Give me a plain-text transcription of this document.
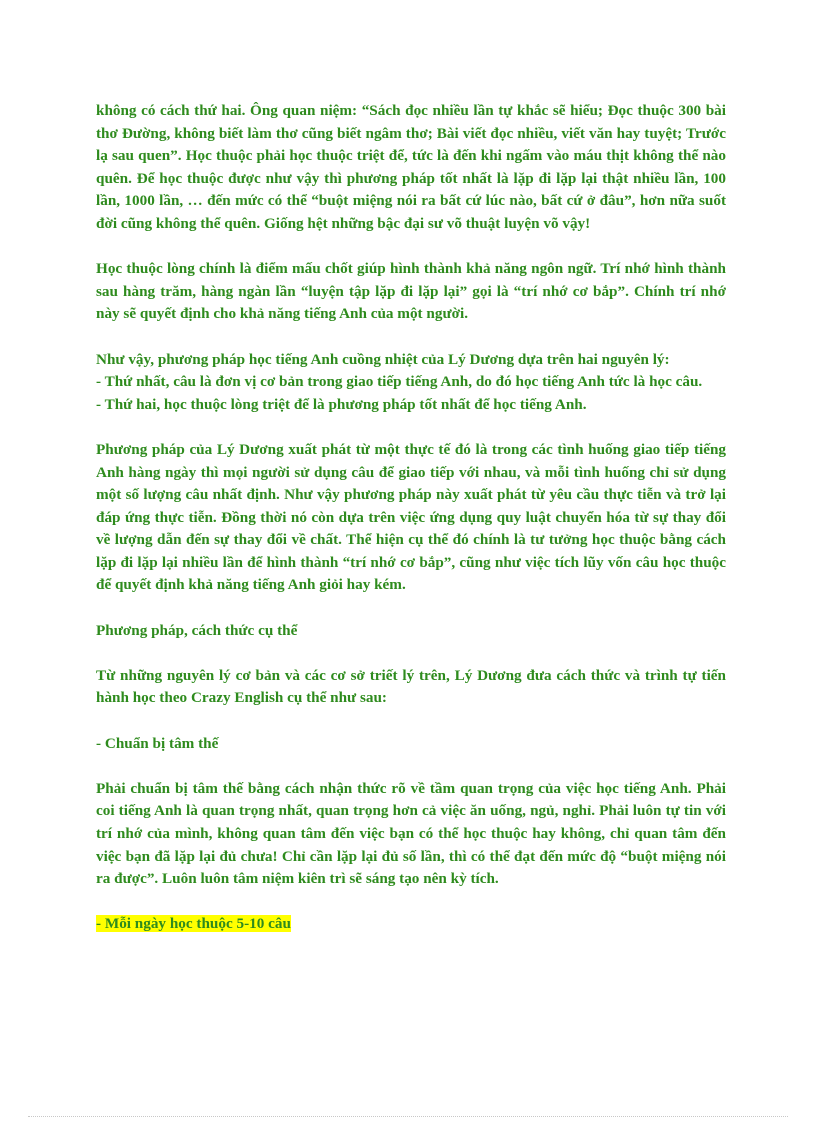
không có cách thứ hai. Ông quan niệm: “Sách đọc nhiều lần tự khắc sẽ hiểu; Đọc thuộc 300 bài thơ Đường, không biết làm thơ cũng biết ngâm thơ; Bài viết đọc nhiều, viết văn hay tuyệt; Trước lạ sau quen”. Học thuộc phải học thuộc triệt để, tức là đến khi ngấm vào máu thịt không thể nào quên. Để học thuộc được như vậy thì phương pháp tốt nhất là lặp đi lặp lại thật nhiều lần, 100 lần, 1000 lần, … đến mức có thể “buột miệng nói ra bất cứ lúc nào, bất cứ ở đâu”, hơn nữa suốt đời cũng không thể quên. Giống hệt những bậc đại sư võ thuật luyện võ vậy!

Học thuộc lòng chính là điểm mấu chốt giúp hình thành khả năng ngôn ngữ. Trí nhớ hình thành sau hàng trăm, hàng ngàn lần “luyện tập lặp đi lặp lại” gọi là “trí nhớ cơ bắp”. Chính trí nhớ này sẽ quyết định cho khả năng tiếng Anh của một người.

Như vậy, phương pháp học tiếng Anh cuồng nhiệt của Lý Dương dựa trên hai nguyên lý:
- Thứ nhất, câu là đơn vị cơ bản trong giao tiếp tiếng Anh, do đó học tiếng Anh tức là học câu.
- Thứ hai, học thuộc lòng triệt để là phương pháp tốt nhất để học tiếng Anh.

Phương pháp của Lý Dương xuất phát từ một thực tế đó là trong các tình huống giao tiếp tiếng Anh hàng ngày thì mọi người sử dụng câu để giao tiếp với nhau, và mỗi tình huống chỉ sử dụng một số lượng câu nhất định. Như vậy phương pháp này xuất phát từ yêu cầu thực tiễn và trở lại đáp ứng thực tiễn. Đồng thời nó còn dựa trên việc ứng dụng quy luật chuyển hóa từ sự thay đổi về lượng dẫn đến sự thay đổi về chất. Thể hiện cụ thể đó chính là tư tưởng học thuộc bằng cách lặp đi lặp lại nhiều lần để hình thành “trí nhớ cơ bắp”, cũng như việc tích lũy vốn câu học thuộc để quyết định khả năng tiếng Anh giỏi hay kém.

Phương pháp, cách thức cụ thể

Từ những nguyên lý cơ bản và các cơ sở triết lý trên, Lý Dương đưa cách thức và trình tự tiến hành học theo Crazy English cụ thể như sau:

- Chuẩn bị tâm thế

Phải chuẩn bị tâm thế bằng cách nhận thức rõ về tầm quan trọng của việc học tiếng Anh. Phải coi tiếng Anh là quan trọng nhất, quan trọng hơn cả việc ăn uống, ngủ, nghỉ. Phải luôn tự tin với trí nhớ của mình, không quan tâm đến việc bạn có thể học thuộc hay không, chỉ quan tâm đến việc bạn đã lặp lại đủ chưa! Chỉ cần lặp lại đủ số lần, thì có thể đạt đến mức độ “buột miệng nói ra được”. Luôn luôn tâm niệm kiên trì sẽ sáng tạo nên kỳ tích.

- Mỗi ngày học thuộc 5-10 câu
